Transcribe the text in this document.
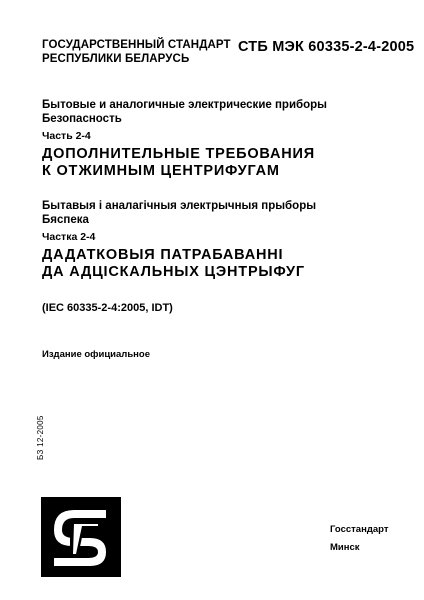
ГОСУДАРСТВЕННЫЙ СТАНДАРТ
РЕСПУБЛИКИ БЕЛАРУСЬ
СТБ МЭК 60335-2-4-2005
Бытовые и аналогичные электрические приборы
Безопасность
Часть 2-4
ДОПОЛНИТЕЛЬНЫЕ ТРЕБОВАНИЯ
К ОТЖИМНЫМ ЦЕНТРИФУГАМ
Бытавыя і аналагічныя электрычныя прыборы
Бяспека
Частка 2-4
ДАДАТКОВЫЯ ПАТРАБАВАННІ
ДА АДЦІСКАЛЬНЫХ ЦЭНТРЫФУГ
(IEC 60335-2-4:2005, IDT)
Издание официальное
БЗ 12-2005
Госстандарт
Минск
